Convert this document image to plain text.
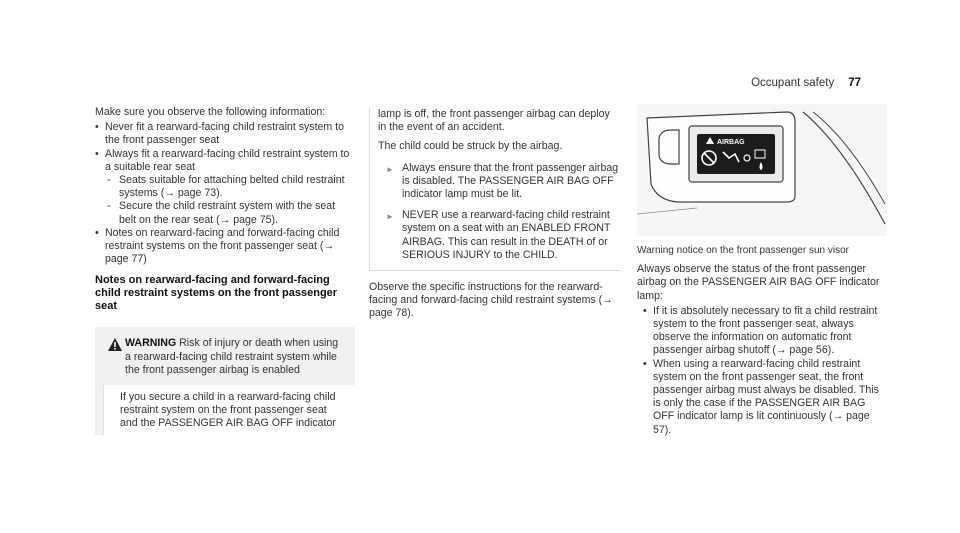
Occupant safety 77

Make sure you observe the following information:

• Never fit a rearward-facing child restraint system to the front passenger seat

• Always fit a rearward-facing child restraint system to a suitable rear seat

- Seats suitable for attaching belted child restraint systems (→ page 73).

- Secure the child restraint system with the seat belt on the rear seat (→ page 75).

• Notes on rearward-facing and forward-facing child restraint systems on the front passenger seat (→ page 77)

Notes on rearward-facing and forward-facing child restraint systems on the front passenger seat

WARNING Risk of injury or death when using a rearward-facing child restraint system while the front passenger airbag is enabled

If you secure a child in a rearward-facing child restraint system on the front passenger seat and the PASSENGER AIR BAG OFF indicator

lamp is off, the front passenger airbag can deploy in the event of an accident.

The child could be struck by the airbag.

► Always ensure that the front passenger airbag is disabled. The PASSENGER AIR BAG OFF indicator lamp must be lit.

► NEVER use a rearward-facing child restraint system on a seat with an ENABLED FRONT AIRBAG. This can result in the DEATH of or SERIOUS INJURY to the CHILD.

Observe the specific instructions for the rearward-facing and forward-facing child restraint systems (→ page 78).

AIRBAG

Warning notice on the front passenger sun visor

Always observe the status of the front passenger airbag on the PASSENGER AIR BAG OFF indicator lamp:

• If it is absolutely necessary to fit a child restraint system to the front passenger seat, always observe the information on automatic front passenger airbag shutoff (→ page 56).

• When using a rearward-facing child restraint system on the front passenger seat, the front passenger airbag must always be disabled. This is only the case if the PASSENGER AIR BAG OFF indicator lamp is lit continuously (→ page 57).
